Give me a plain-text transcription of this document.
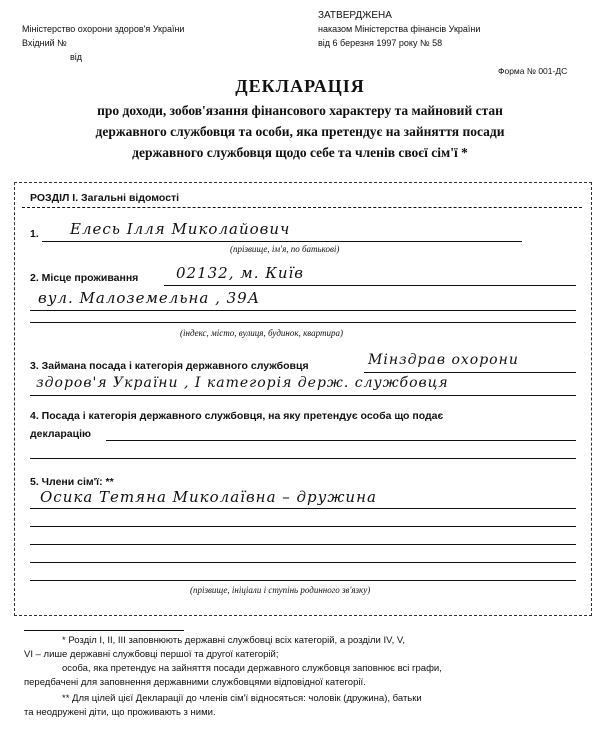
Міністерство охорони здоров'я України
Вхідний №
від
ЗАТВЕРДЖЕНА
наказом Міністерства фінансів України
від 6 березня 1997 року № 58
Форма № 001-ДС
ДЕКЛАРАЦІЯ
про доходи, зобов'язання фінансового характеру та майновий стан
державного службовця та особи, яка претендує на зайняття посади
державного службовця щодо себе та членів своєї сім'ї *
РОЗДІЛ І. Загальні відомості
1. Елесь Ілля Миколайович
(прізвище, ім'я, по батькові)
2. Місце проживання	02132, м. Київ
вул. Малоземельна , 39А
(індекс, місто, вулиця, будинок, квартира)
3. Займана посада і категорія державного службовця	Мінздрав охорони
здоров'я України , І категорія держ. службовця
4. Посада і категорія державного службовця, на яку претендує особа що подає
декларацію
5. Члени сім'ї: **
Осика Тетяна Миколаївна – дружина
(прізвище, ініціали і ступінь родинного зв'язку)
* Розділ І, ІІ, ІІІ заповнюють державні службовці всіх категорій, а розділи ІV, V,
VІ – лише державні службовці першої та другої категорій;
особа, яка претендує на зайняття посади державного службовця заповнює всі графи,
передбачені для заповнення державними службовцями відповідної категорії.
** Для цілей цієї Декларації до членів сім'ї відносяться: чоловік (дружина), батьки
та неодружені діти, що проживають з ними.
